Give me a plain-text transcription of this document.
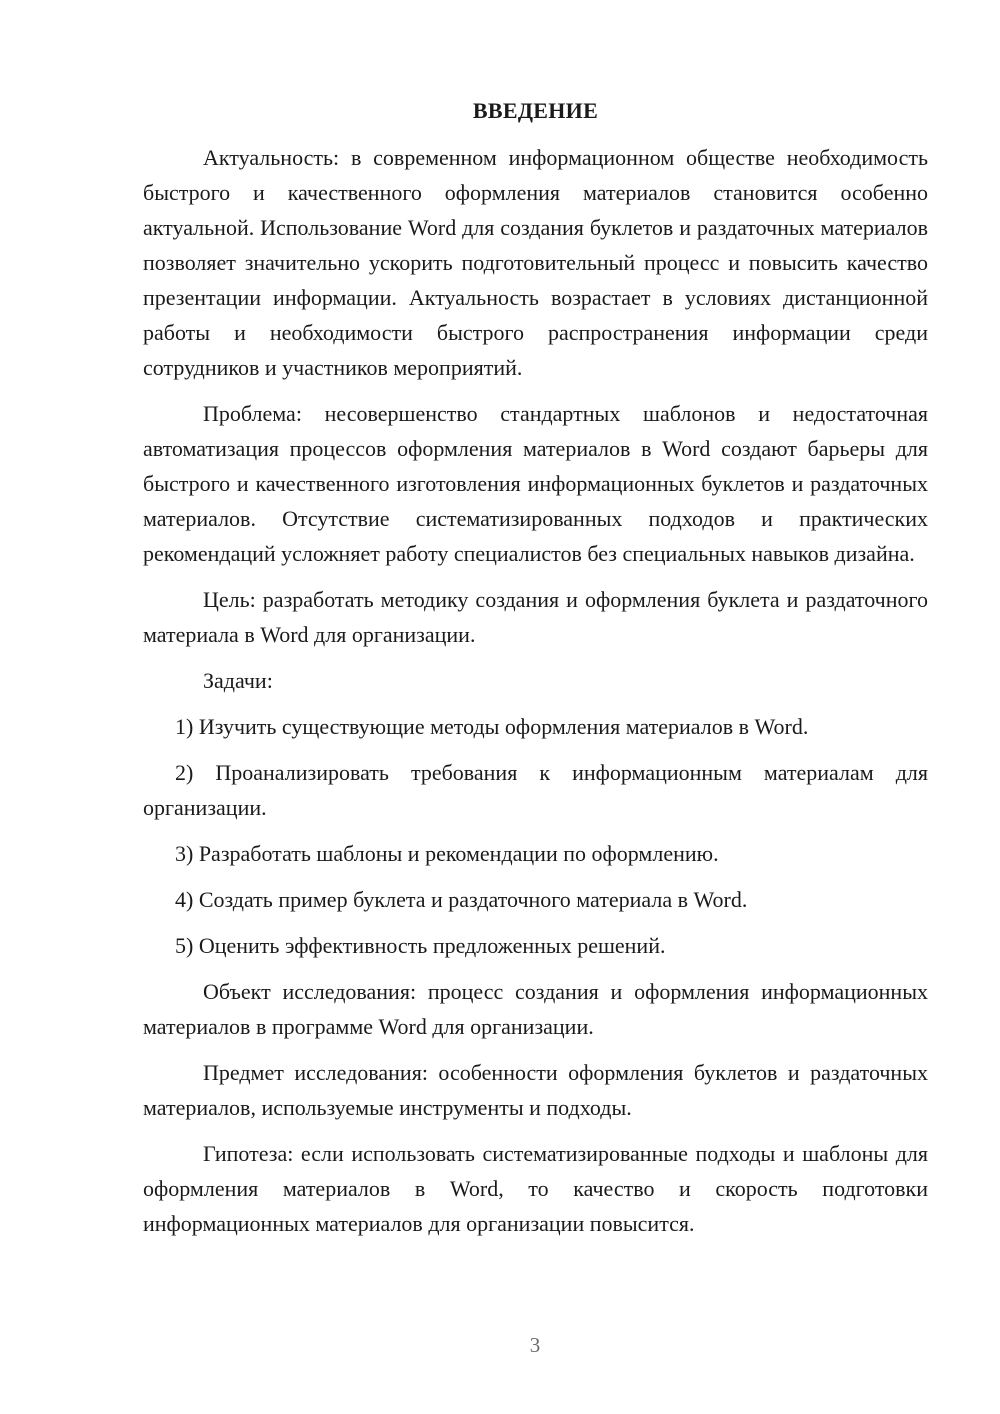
ВВЕДЕНИЕ

Актуальность: в современном информационном обществе необходимость быстрого и качественного оформления материалов становится особенно актуальной. Использование Word для создания буклетов и раздаточных материалов позволяет значительно ускорить подготовительный процесс и повысить качество презентации информации. Актуальность возрастает в условиях дистанционной работы и необходимости быстрого распространения информации среди сотрудников и участников мероприятий.

Проблема: несовершенство стандартных шаблонов и недостаточная автоматизация процессов оформления материалов в Word создают барьеры для быстрого и качественного изготовления информационных буклетов и раздаточных материалов. Отсутствие систематизированных подходов и практических рекомендаций усложняет работу специалистов без специальных навыков дизайна.

Цель: разработать методику создания и оформления буклета и раздаточного материала в Word для организации.

Задачи:

1) Изучить существующие методы оформления материалов в Word.

2) Проанализировать требования к информационным материалам для организации.

3) Разработать шаблоны и рекомендации по оформлению.

4) Создать пример буклета и раздаточного материала в Word.

5) Оценить эффективность предложенных решений.

Объект исследования: процесс создания и оформления информационных материалов в программе Word для организации.

Предмет исследования: особенности оформления буклетов и раздаточных материалов, используемые инструменты и подходы.

Гипотеза: если использовать систематизированные подходы и шаблоны для оформления материалов в Word, то качество и скорость подготовки информационных материалов для организации повысится.

3
